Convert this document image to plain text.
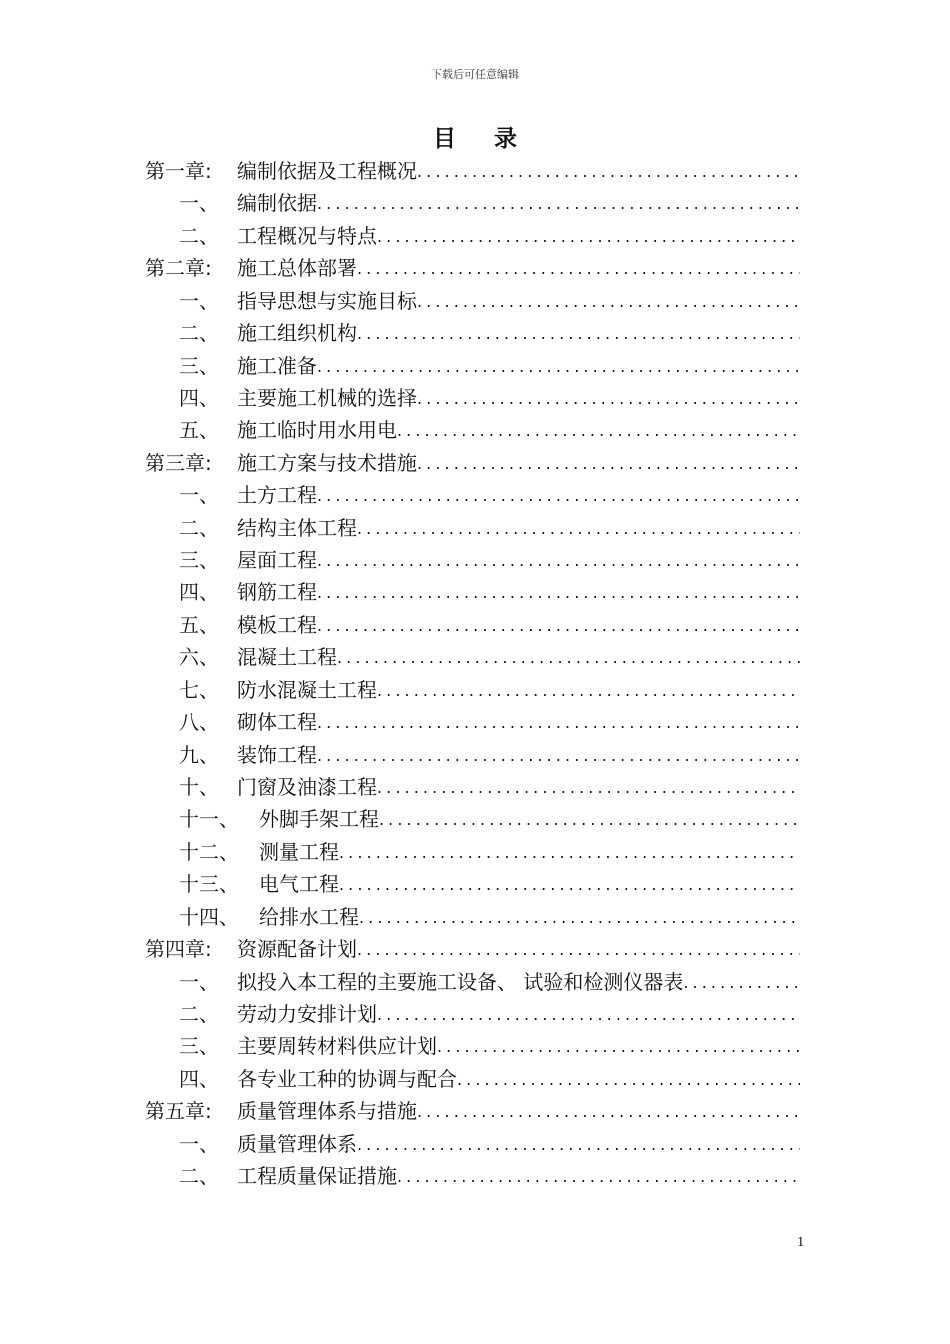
下载后可任意编辑
目录
第一章: 编制依据及工程概况
.....
一、 编制依据
.....
二、 工程概况与特点
.....
第二章: 施工总体部署
.....
一、 指导思想与实施目标
.....
二、 施工组织机构
.....
三、 施工准备
.....
四、 主要施工机械的选择
.....
五、 施工临时用水用电
.....
第三章: 施工方案与技术措施
.....
一、 土方工程
.....
二、 结构主体工程
.....
三、 屋面工程
.....
四、 钢筋工程
.....
五、 模板工程
.....
六、 混凝土工程
.....
七、 防水混凝土工程
.....
八、 砌体工程
.....
九、 装饰工程
.....
十、 门窗及油漆工程
.....
十一、 外脚手架工程
.....
十二、 测量工程
.....
十三、 电气工程
.....
十四、 给排水工程
.....
第四章: 资源配备计划
.....
一、 拟投入本工程的主要施工设备、 试验和检测仪器表
.....
二、 劳动力安排计划
.....
三、 主要周转材料供应计划
.....
四、 各专业工种的协调与配合
.....
第五章: 质量管理体系与措施
.....
一、 质量管理体系
.....
二、 工程质量保证措施
.....
1
